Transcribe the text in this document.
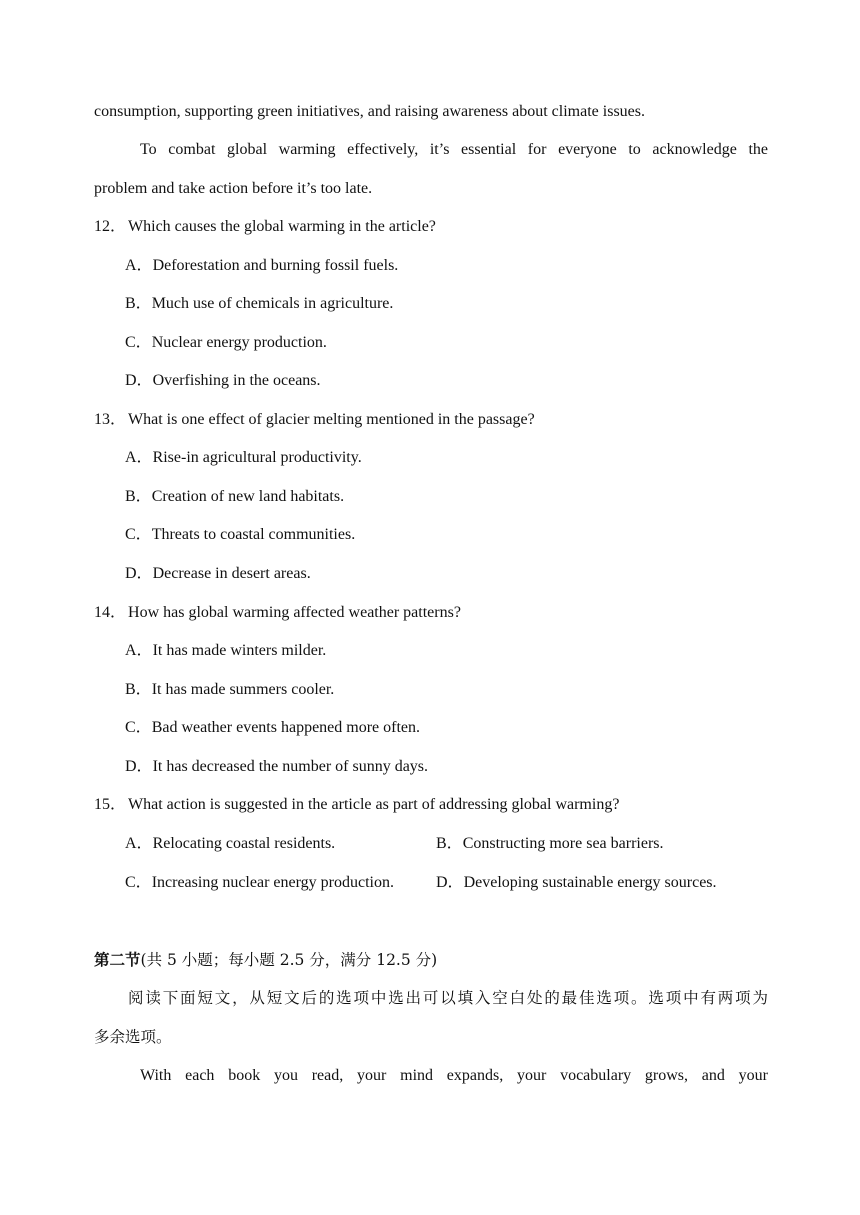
consumption, supporting green initiatives, and raising awareness about climate issues.
To combat global warming effectively, it’s essential for everyone to acknowledge the
problem and take action before it’s too late.
12． Which causes the global warming in the article?
A．Deforestation and burning fossil fuels.
B．Much use of chemicals in agriculture.
C．Nuclear energy production.
D．Overfishing in the oceans.
13． What is one effect of glacier melting mentioned in the passage?
A．Rise-in agricultural productivity.
B．Creation of new land habitats.
C．Threats to coastal communities.
D．Decrease in desert areas.
14． How has global warming affected weather patterns?
A．It has made winters milder.
B．It has made summers cooler.
C．Bad weather events happened more often.
D．It has decreased the number of sunny days.
15． What action is suggested in the article as part of addressing global warming?
A．Relocating coastal residents.	B．Constructing more sea barriers.
C．Increasing nuclear energy production.	D．Developing sustainable energy sources.
第二节(共 5 小题；每小题 2.5 分，满分 12.5 分)
阅读下面短文，从短文后的选项中选出可以填入空白处的最佳选项。选项中有两项为
多余选项。
With each book you read, your mind expands, your vocabulary grows, and your
